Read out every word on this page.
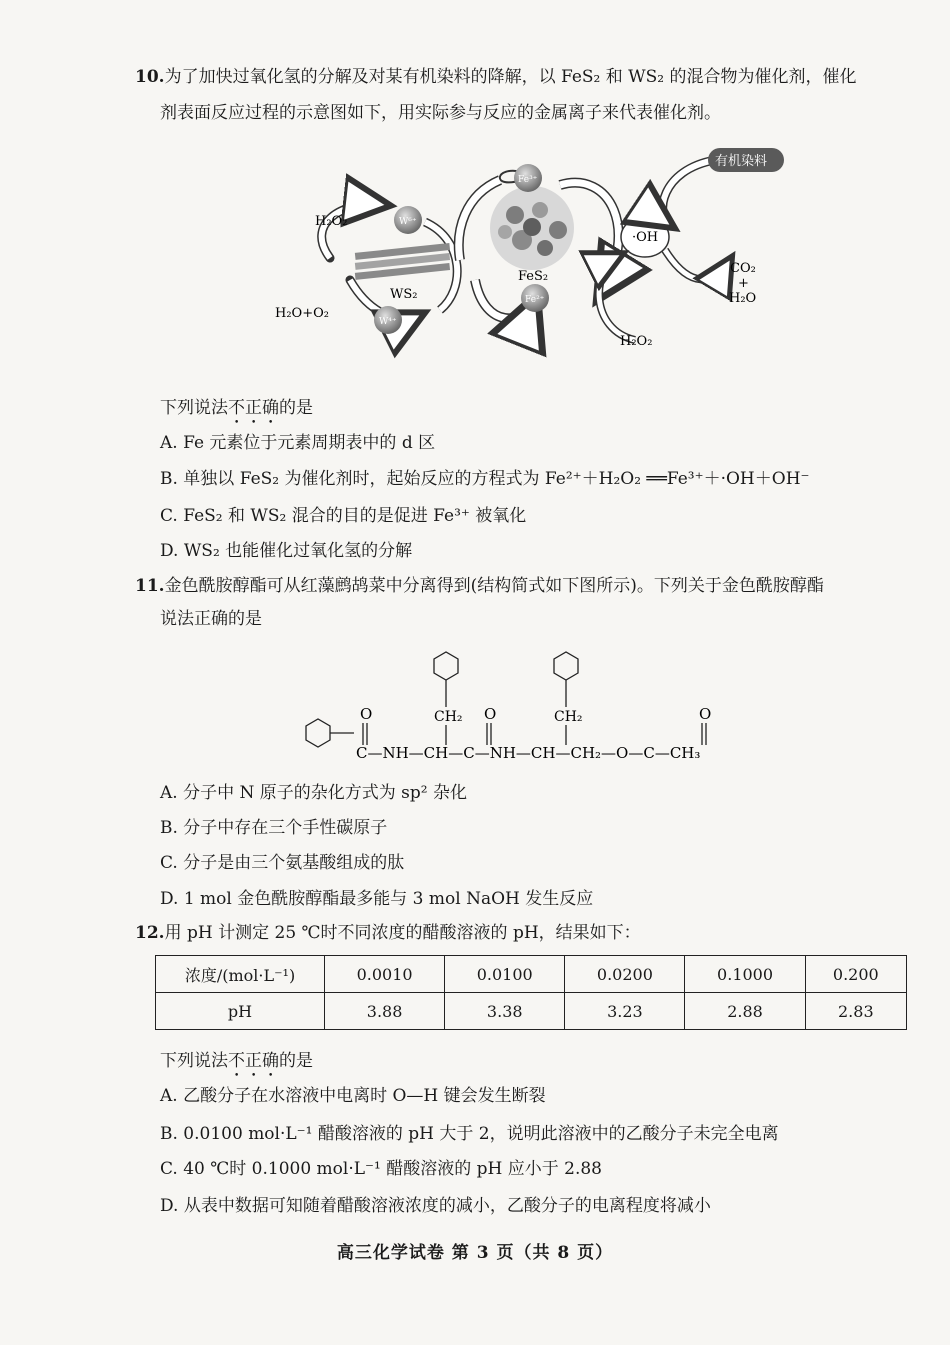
10.为了加快过氧化氢的分解及对某有机染料的降解，以 FeS₂ 和 WS₂ 的混合物为催化剂，催化
剂表面反应过程的示意图如下，用实际参与反应的金属离子来代表催化剂。
H₂O₂
H₂O+O₂
W⁶⁺
W⁴⁺
WS₂
Fe³⁺
Fe²⁺
FeS₂
·OH
有机染料
CO₂
+
H₂O
H₂O₂
下列说法不正确的是
A. Fe 元素位于元素周期表中的 d 区
B. 单独以 FeS₂ 为催化剂时，起始反应的方程式为 Fe²⁺＋H₂O₂ ══Fe³⁺＋·OH＋OH⁻
C. FeS₂ 和 WS₂ 混合的目的是促进 Fe³⁺ 被氧化
D. WS₂ 也能催化过氧化氢的分解
11.金色酰胺醇酯可从红藻鹧鸪菜中分离得到(结构简式如下图所示)。下列关于金色酰胺醇酯
说法正确的是
O	O	O
CH₂	CH₂
C—NH—CH—C—NH—CH—CH₂—O—C—CH₃
A. 分子中 N 原子的杂化方式为 sp² 杂化
B. 分子中存在三个手性碳原子
C. 分子是由三个氨基酸组成的肽
D. 1 mol 金色酰胺醇酯最多能与 3 mol NaOH 发生反应
12.用 pH 计测定 25 ℃时不同浓度的醋酸溶液的 pH，结果如下：
浓度/(mol·L⁻¹)	0.0010	0.0100	0.0200	0.1000	0.200
pH	3.88	3.38	3.23	2.88	2.83
下列说法不正确的是
A. 乙酸分子在水溶液中电离时 O—H 键会发生断裂
B. 0.0100 mol·L⁻¹ 醋酸溶液的 pH 大于 2，说明此溶液中的乙酸分子未完全电离
C. 40 ℃时 0.1000 mol·L⁻¹ 醋酸溶液的 pH 应小于 2.88
D. 从表中数据可知随着醋酸溶液浓度的减小，乙酸分子的电离程度将减小
高三化学试卷 第 3 页（共 8 页）
